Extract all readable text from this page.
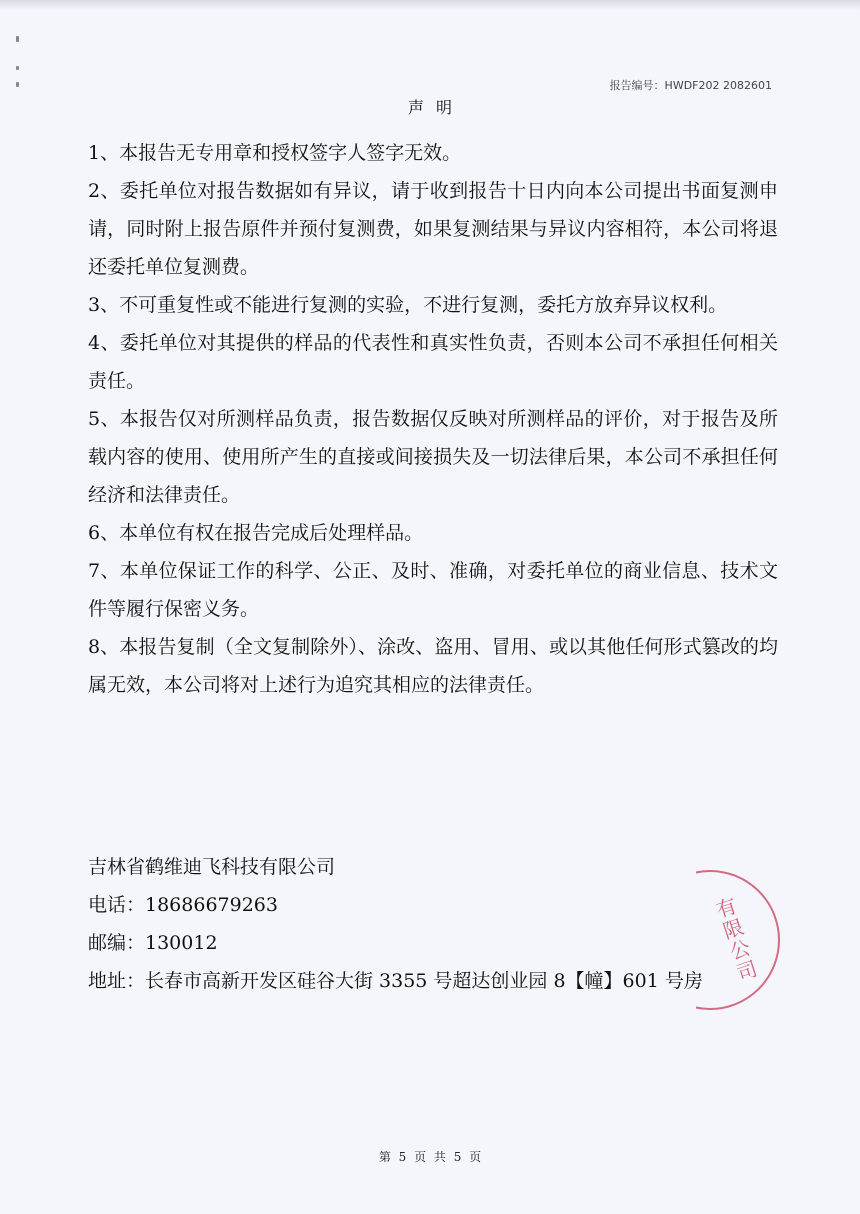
报告编号：HWDF202 2082601
声明

1、本报告无专用章和授权签字人签字无效。

2、委托单位对报告数据如有异议，请于收到报告十日内向本公司提出书面复测申请，同时附上报告原件并预付复测费，如果复测结果与异议内容相符，本公司将退还委托单位复测费。

3、不可重复性或不能进行复测的实验，不进行复测，委托方放弃异议权利。

4、委托单位对其提供的样品的代表性和真实性负责，否则本公司不承担任何相关责任。

5、本报告仅对所测样品负责，报告数据仅反映对所测样品的评价，对于报告及所载内容的使用、使用所产生的直接或间接损失及一切法律后果，本公司不承担任何经济和法律责任。

6、本单位有权在报告完成后处理样品。

7、本单位保证工作的科学、公正、及时、准确，对委托单位的商业信息、技术文件等履行保密义务。

8、本报告复制（全文复制除外）、涂改、盗用、冒用、或以其他任何形式篡改的均属无效，本公司将对上述行为追究其相应的法律责任。

吉林省鹤维迪飞科技有限公司
电话：18686679263
邮编：130012
地址：长春市高新开发区硅谷大街 3355 号超达创业园 8【幢】601 号房 有限公司
第 5 页 共 5 页
